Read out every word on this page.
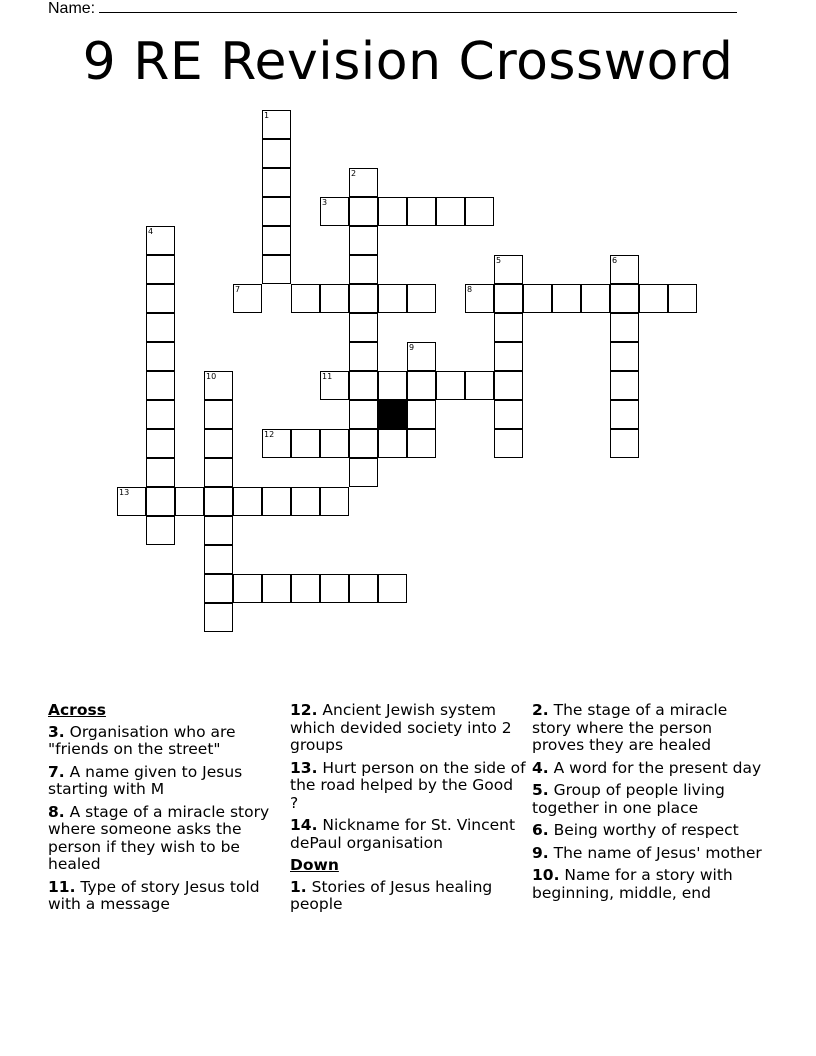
Name:
9 RE Revision Crossword
1
2
3
4
5	6
7	8
9
10	11
12
13
Across
3. Organisation who are "friends on the street"
7. A name given to Jesus starting with M
8. A stage of a miracle story where someone asks the person if they wish to be healed
11. Type of story Jesus told with a message
12. Ancient Jewish system which devided society into 2 groups
13. Hurt person on the side of the road helped by the Good ?
14. Nickname for St. Vincent dePaul organisation
Down
1. Stories of Jesus healing people
2. The stage of a miracle story where the person proves they are healed
4. A word for the present day
5. Group of people living together in one place
6. Being worthy of respect
9. The name of Jesus' mother
10. Name for a story with beginning, middle, end
